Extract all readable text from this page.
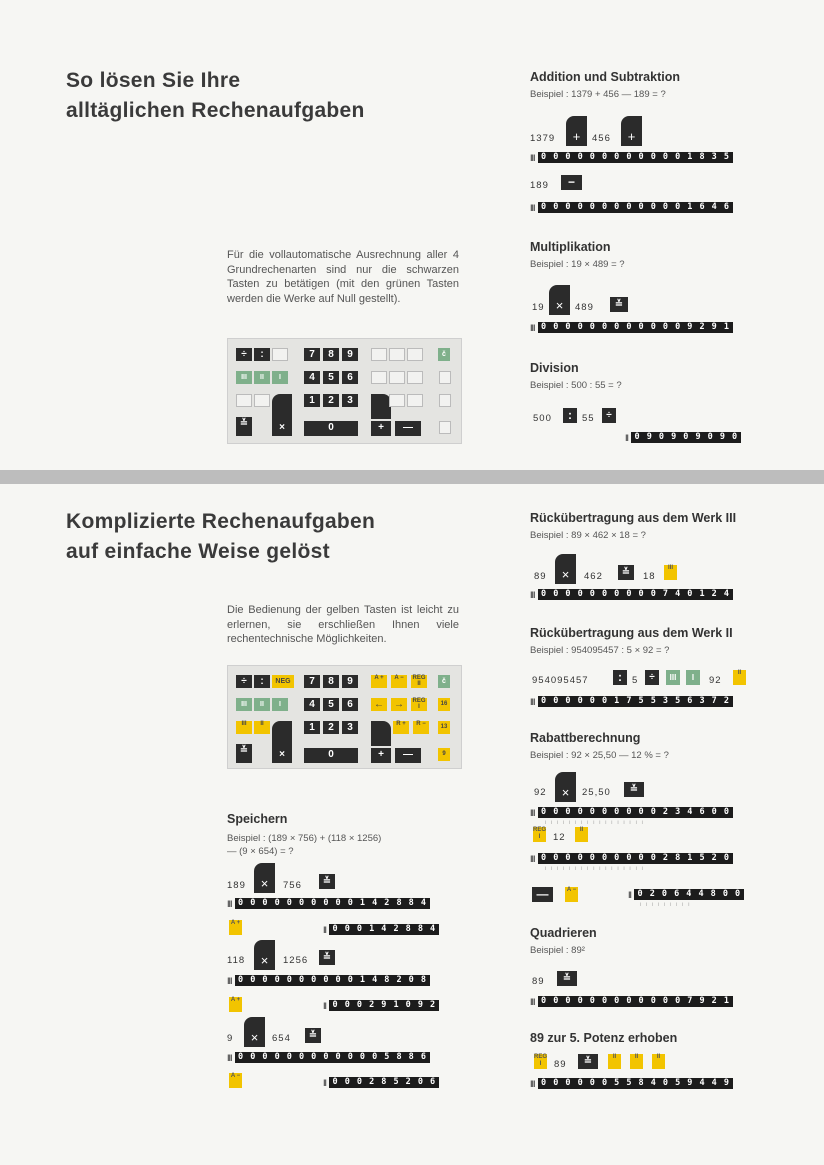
So lösen Sie Ihre
alltäglichen Rechenaufgaben
Für die vollautomatische Ausrechnung aller 4 Grundrechenarten sind nur die schwarzen Tasten zu betätigen (mit den grünen Tasten werden die Werke auf Null gestellt).
÷	:	7	8	9	č
III	II	I	4	5	6
1	2	3
≚	×	0	+	—
Addition und Subtraktion
Beispiel : 1379 + 456 — 189 = ?
1379	+	456	+
III 0 0 0 0 0 0 0 0 0 0 0 0 1 8 3 5
189	−
III 0 0 0 0 0 0 0 0 0 0 0 0 1 6 4 6
Multiplikation
Beispiel : 19 × 489 = ?
19 ×	489	≚
III 0 0 0 0 0 0 0 0 0 0 0 0 9 2 9 1
Division
Beispiel : 500 : 55 = ?
500	:	55	÷
II 0 9 0 9 0 9 0 9 0
Komplizierte Rechenaufgaben
auf einfache Weise gelöst
Die Bedienung der gelben Tasten ist leicht zu erlernen, sie erschließen Ihnen viele rechentechnische Möglichkeiten.
÷	:	NEG	7	8	9	A +	A −	REG II	č
III	II	I	4	5	6	←	→	REG I	16
III	II	1	2	3	R +	R −	13
≚	×	0	+	—	9
Speichern
Beispiel : (189 × 756) + (118 × 1256)
— (9 × 654) = ?
189	×	756	≚
III 0 0 0 0 0 0 0 0 0 0 1 4 2 8 8 4
A +
II 0 0 0 1 4 2 8 8 4
118	×	1256	≚
III 0 0 0 0 0 0 0 0 0 0 1 4 8 2 0 8
A +
II 0 0 0 2 9 1 0 9 2
9	×	654	≚
III 0 0 0 0 0 0 0 0 0 0 0 0 5 8 8 6
A −
II 0 0 0 2 8 5 2 0 6
Rückübertragung aus dem Werk III
Beispiel : 89 × 462 × 18 = ?
89	×	462	≚	18
III
III 0 0 0 0 0 0 0 0 0 0 7 4 0 1 2 4
Rückübertragung aus dem Werk II
Beispiel : 954095457 : 5 × 92 = ?
954095457	:	5	÷	III	I	92
II
III 0 0 0 0 0 0 1 7 5 5 3 5 6 3 7 2
Rabattberechnung
Beispiel : 92 × 25,50 — 12 % = ?
92	×	25,50	≚
III 0 0 0 0 0 0 0 0 0 0 2 3 4 6 0 0
|||||||||||||||||
REG I	12
II
III 0 0 0 0 0 0 0 0 0 0 2 8 1 5 2 0
|||||||||||||||||
—	A −	II 0 2 0 6 4 4 8 0 0
|||||||||
Quadrieren
Beispiel : 89²
89	≚
III 0 0 0 0 0 0 0 0 0 0 0 0 7 9 2 1
89 zur 5. Potenz erhoben
REG I	89	≚	II	II	II
III 0 0 0 0 0 0 5 5 8 4 0 5 9 4 4 9
